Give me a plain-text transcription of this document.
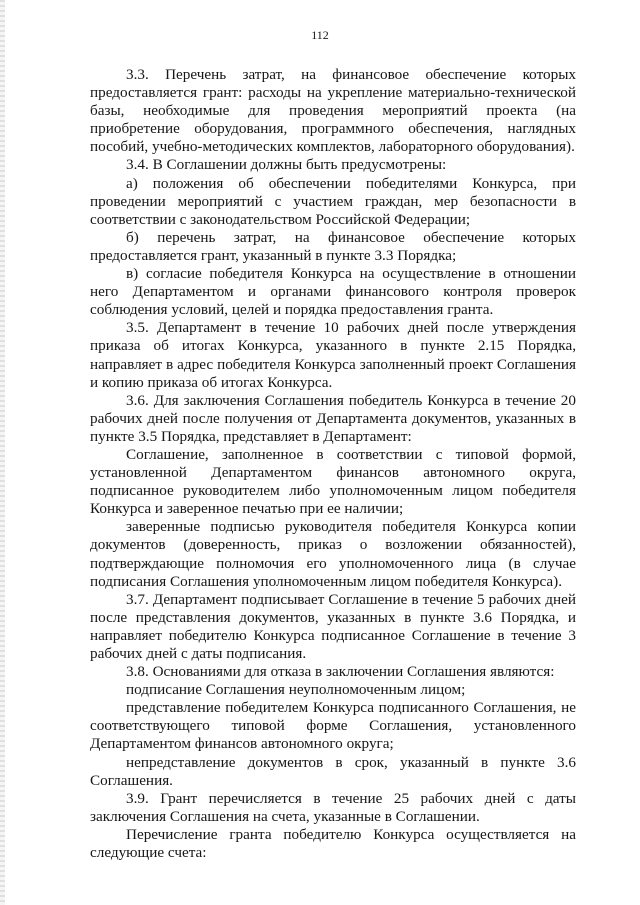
112

3.3. Перечень затрат, на финансовое обеспечение которых предоставляется грант: расходы на укрепление материально-технической базы, необходимые для проведения мероприятий проекта (на приобретение оборудования, программного обеспечения, наглядных пособий, учебно-методических комплектов, лабораторного оборудования).

3.4. В Соглашении должны быть предусмотрены:

а) положения об обеспечении победителями Конкурса, при проведении мероприятий с участием граждан, мер безопасности в соответствии с законодательством Российской Федерации;

б) перечень затрат, на финансовое обеспечение которых предоставляется грант, указанный в пункте 3.3 Порядка;

в) согласие победителя Конкурса на осуществление в отношении него Департаментом и органами финансового контроля проверок соблюдения условий, целей и порядка предоставления гранта.

3.5. Департамент в течение 10 рабочих дней после утверждения приказа об итогах Конкурса, указанного в пункте 2.15 Порядка, направляет в адрес победителя Конкурса заполненный проект Соглашения и копию приказа об итогах Конкурса.

3.6. Для заключения Соглашения победитель Конкурса в течение 20 рабочих дней после получения от Департамента документов, указанных в пункте 3.5 Порядка, представляет в Департамент:

Соглашение, заполненное в соответствии с типовой формой, установленной Департаментом финансов автономного округа, подписанное руководителем либо уполномоченным лицом победителя Конкурса и заверенное печатью при ее наличии;

заверенные подписью руководителя победителя Конкурса копии документов (доверенность, приказ о возложении обязанностей), подтверждающие полномочия его уполномоченного лица (в случае подписания Соглашения уполномоченным лицом победителя Конкурса).

3.7. Департамент подписывает Соглашение в течение 5 рабочих дней после представления документов, указанных в пункте 3.6 Порядка, и направляет победителю Конкурса подписанное Соглашение в течение 3 рабочих дней с даты подписания.

3.8. Основаниями для отказа в заключении Соглашения являются:

подписание Соглашения неуполномоченным лицом;

представление победителем Конкурса подписанного Соглашения, не соответствующего типовой форме Соглашения, установленного Департаментом финансов автономного округа;

непредставление документов в срок, указанный в пункте 3.6 Соглашения.

3.9. Грант перечисляется в течение 25 рабочих дней с даты заключения Соглашения на счета, указанные в Соглашении.

Перечисление гранта победителю Конкурса осуществляется на следующие счета:
